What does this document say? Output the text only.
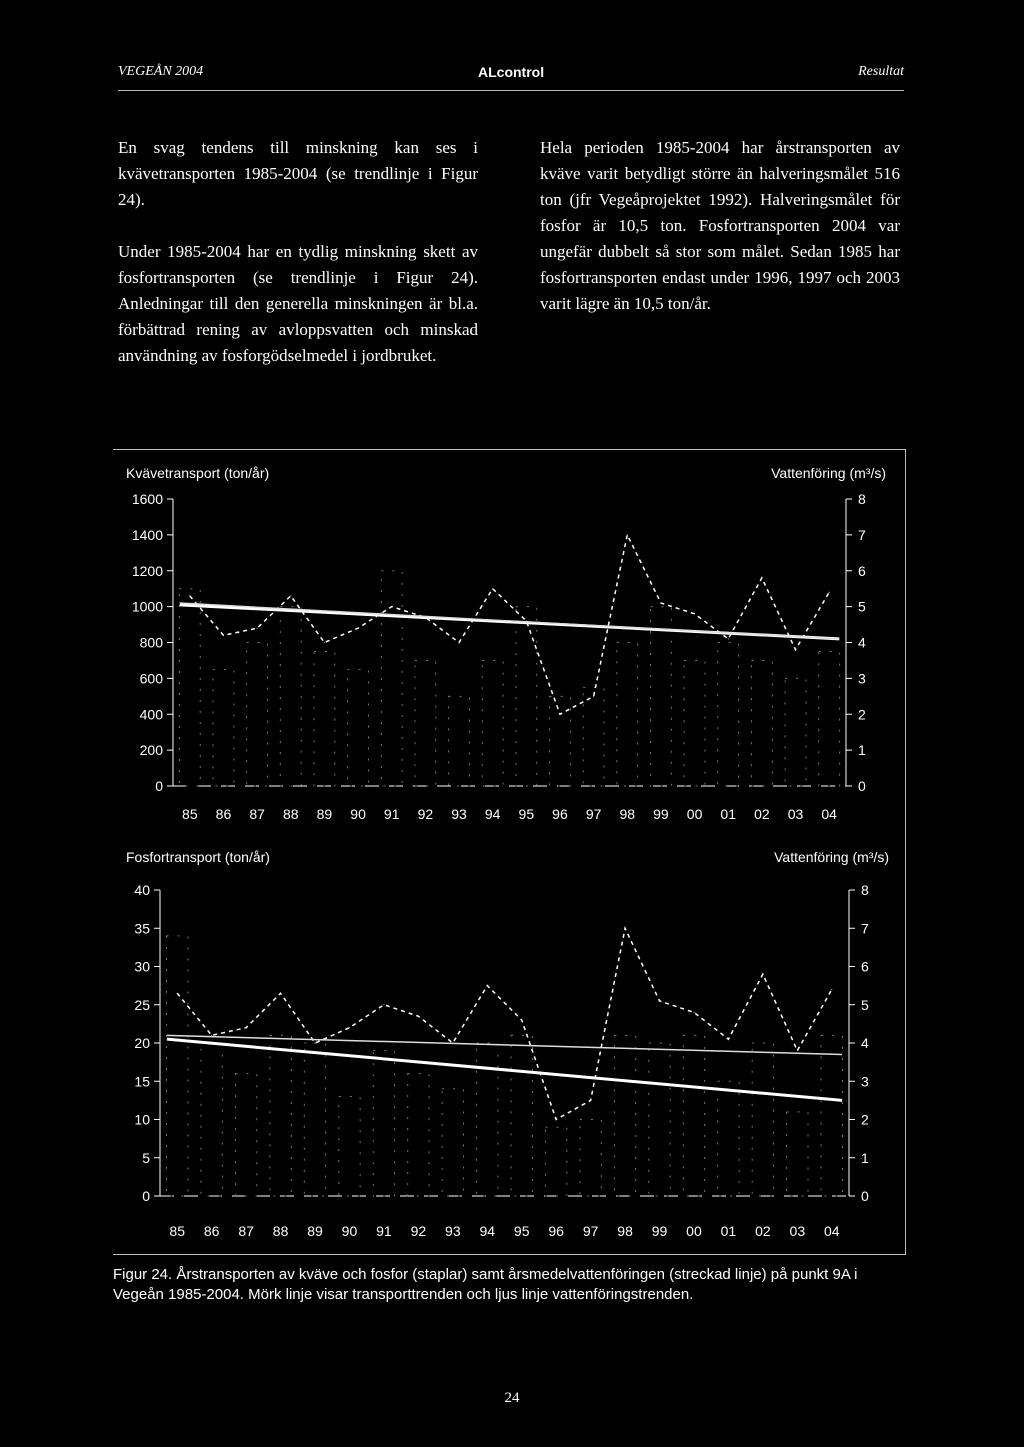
VEGEÅN 2004	ALcontrol	Resultat

En svag tendens till minskning kan ses i kvävetransporten 1985-2004 (se trendlinje i Figur 24).

Under 1985-2004 har en tydlig minskning skett av fosfortransporten (se trendlinje i Figur 24). Anledningar till den generella minskningen är bl.a. förbättrad rening av avloppsvatten och minskad användning av fosforgödselmedel i jordbruket.

Hela perioden 1985-2004 har årstransporten av kväve varit betydligt större än halveringsmålet 516 ton (jfr Vegeåprojektet 1992). Halveringsmålet för fosfor är 10,5 ton. Fosfortransporten 2004 var ungefär dubbelt så stor som målet. Sedan 1985 har fosfortransporten endast under 1996, 1997 och 2003 varit lägre än 10,5 ton/år.

Kvävetransport (ton/år)	Vattenföring (m³/s)
0
200
400
600
800
1000
1200
1400
1600
0
1
2
3
4
5
6
7
8
85 86 87 88 89 90 91 92 93 94 95 96 97 98 99 00 01 02 03 04
Fosfortransport (ton/år)	Vattenföring (m³/s)
0
5
10
15
20
25
30
35
40
0
1
2
3
4
5
6
7
8
85 86 87 88 89 90 91 92 93 94 95 96 97 98 99 00 01 02 03 04
Figur 24. Årstransporten av kväve och fosfor (staplar) samt årsmedelvattenföringen (streckad linje) på punkt 9A i Vegeån 1985-2004. Mörk linje visar transporttrenden och ljus linje vattenföringstrenden.
24
